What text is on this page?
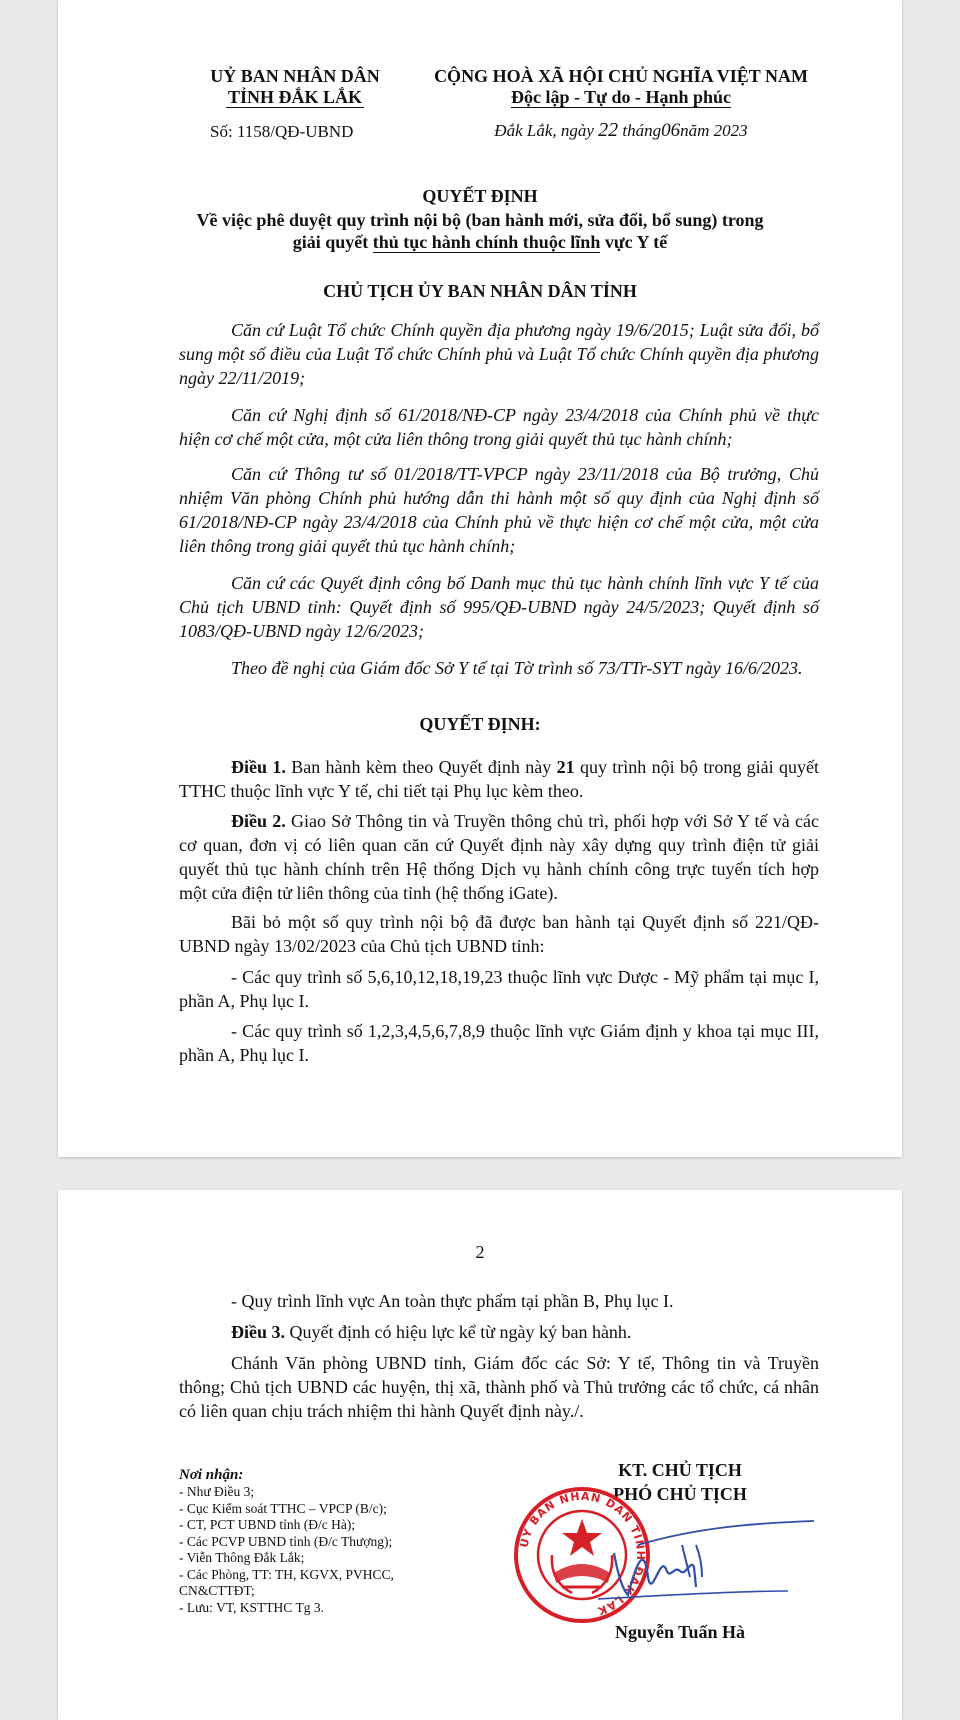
UỶ BAN NHÂN DÂN
TỈNH ĐẮK LẮK
Số: 1158/QĐ-UBND
CỘNG HOÀ XÃ HỘI CHỦ NGHĨA VIỆT NAM
Độc lập - Tự do - Hạnh phúc
Đắk Lắk, ngày 22 tháng06năm 2023
QUYẾT ĐỊNH
Về việc phê duyệt quy trình nội bộ (ban hành mới, sửa đổi, bổ sung) trong
giải quyết thủ tục hành chính thuộc lĩnh vực Y tế
CHỦ TỊCH ỦY BAN NHÂN DÂN TỈNH
Căn cứ Luật Tổ chức Chính quyền địa phương ngày 19/6/2015; Luật sửa đổi, bổ sung một số điều của Luật Tổ chức Chính phủ và Luật Tổ chức Chính quyền địa phương ngày 22/11/2019;
Căn cứ Nghị định số 61/2018/NĐ-CP ngày 23/4/2018 của Chính phủ về thực hiện cơ chế một cửa, một cửa liên thông trong giải quyết thủ tục hành chính;
Căn cứ Thông tư số 01/2018/TT-VPCP ngày 23/11/2018 của Bộ trưởng, Chủ nhiệm Văn phòng Chính phủ hướng dẫn thi hành một số quy định của Nghị định số 61/2018/NĐ-CP ngày 23/4/2018 của Chính phủ về thực hiện cơ chế một cửa, một cửa liên thông trong giải quyết thủ tục hành chính;
Căn cứ các Quyết định công bố Danh mục thủ tục hành chính lĩnh vực Y tế của Chủ tịch UBND tỉnh: Quyết định số 995/QĐ-UBND ngày 24/5/2023; Quyết định số 1083/QĐ-UBND ngày 12/6/2023;
Theo đề nghị của Giám đốc Sở Y tế tại Tờ trình số 73/TTr-SYT ngày 16/6/2023.
QUYẾT ĐỊNH:
Điều 1. Ban hành kèm theo Quyết định này 21 quy trình nội bộ trong giải quyết TTHC thuộc lĩnh vực Y tế, chi tiết tại Phụ lục kèm theo.
Điều 2. Giao Sở Thông tin và Truyền thông chủ trì, phối hợp với Sở Y tế và các cơ quan, đơn vị có liên quan căn cứ Quyết định này xây dựng quy trình điện tử giải quyết thủ tục hành chính trên Hệ thống Dịch vụ hành chính công trực tuyến tích hợp một cửa điện tử liên thông của tỉnh (hệ thống iGate).
Bãi bỏ một số quy trình nội bộ đã được ban hành tại Quyết định số 221/QĐ-UBND ngày 13/02/2023 của Chủ tịch UBND tỉnh:
- Các quy trình số 5,6,10,12,18,19,23 thuộc lĩnh vực Dược - Mỹ phẩm tại mục I, phần A, Phụ lục I.
- Các quy trình số 1,2,3,4,5,6,7,8,9 thuộc lĩnh vực Giám định y khoa tại mục III, phần A, Phụ lục I.
2
- Quy trình lĩnh vực An toàn thực phẩm tại phần B, Phụ lục I.
Điều 3. Quyết định có hiệu lực kể từ ngày ký ban hành.
Chánh Văn phòng UBND tỉnh, Giám đốc các Sở: Y tế, Thông tin và Truyền thông; Chủ tịch UBND các huyện, thị xã, thành phố và Thủ trưởng các tổ chức, cá nhân có liên quan chịu trách nhiệm thi hành Quyết định này./.
Nơi nhận:
- Như Điều 3;
- Cục Kiểm soát TTHC – VPCP (B/c);
- CT, PCT UBND tỉnh (Đ/c Hà);
- Các PCVP UBND tỉnh (Đ/c Thượng);
- Viễn Thông Đắk Lắk;
- Các Phòng, TT: TH, KGVX, PVHCC, CN&CTTĐT;
- Lưu: VT, KSTTHC Tg 3.
KT. CHỦ TỊCH
PHÓ CHỦ TỊCH
ỦY BAN NHÂN DÂN TỈNH ĐẮK LẮK
Nguyễn Tuấn Hà
